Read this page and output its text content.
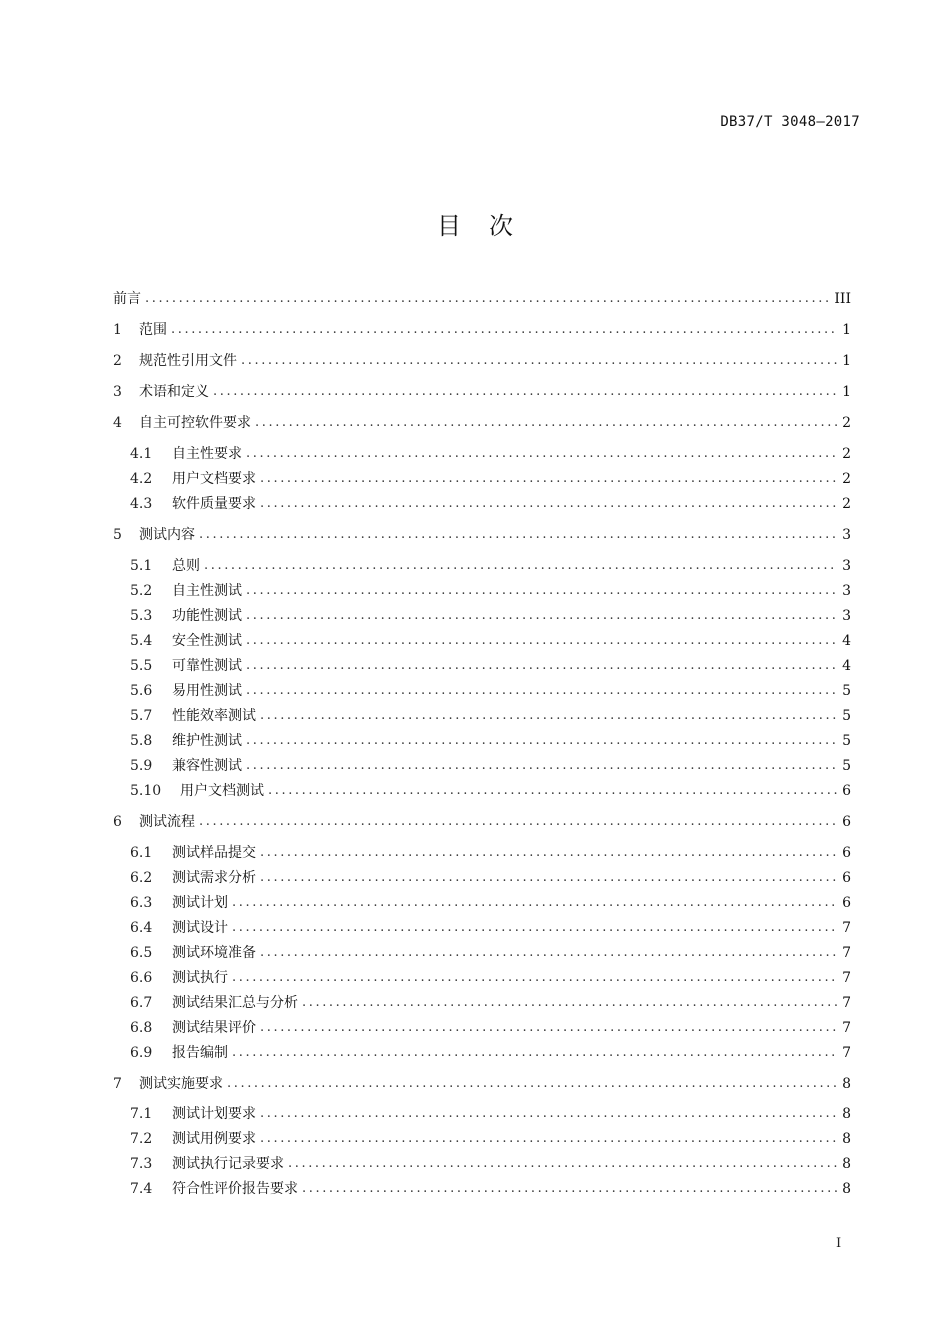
DB37/T 3048—2017
目次
前言 .....	III
1	范围 .....	1
2	规范性引用文件 .....	1
3	术语和定义 .....	1
4	自主可控软件要求 .....	2
4.1	自主性要求 .....	2
4.2	用户文档要求 .....	2
4.3	软件质量要求 .....	2
5	测试内容 .....	3
5.1	总则 .....	3
5.2	自主性测试 .....	3
5.3	功能性测试 .....	3
5.4	安全性测试 .....	4
5.5	可靠性测试 .....	4
5.6	易用性测试 .....	5
5.7	性能效率测试 .....	5
5.8	维护性测试 .....	5
5.9	兼容性测试 .....	5
5.10	用户文档测试 .....	6
6	测试流程 .....	6
6.1	测试样品提交 .....	6
6.2	测试需求分析 .....	6
6.3	测试计划 .....	6
6.4	测试设计 .....	7
6.5	测试环境准备 .....	7
6.6	测试执行 .....	7
6.7	测试结果汇总与分析 .....	7
6.8	测试结果评价 .....	7
6.9	报告编制 .....	7
7	测试实施要求 .....	8
7.1	测试计划要求 .....	8
7.2	测试用例要求 .....	8
7.3	测试执行记录要求 .....	8
7.4	符合性评价报告要求 .....	8
I
